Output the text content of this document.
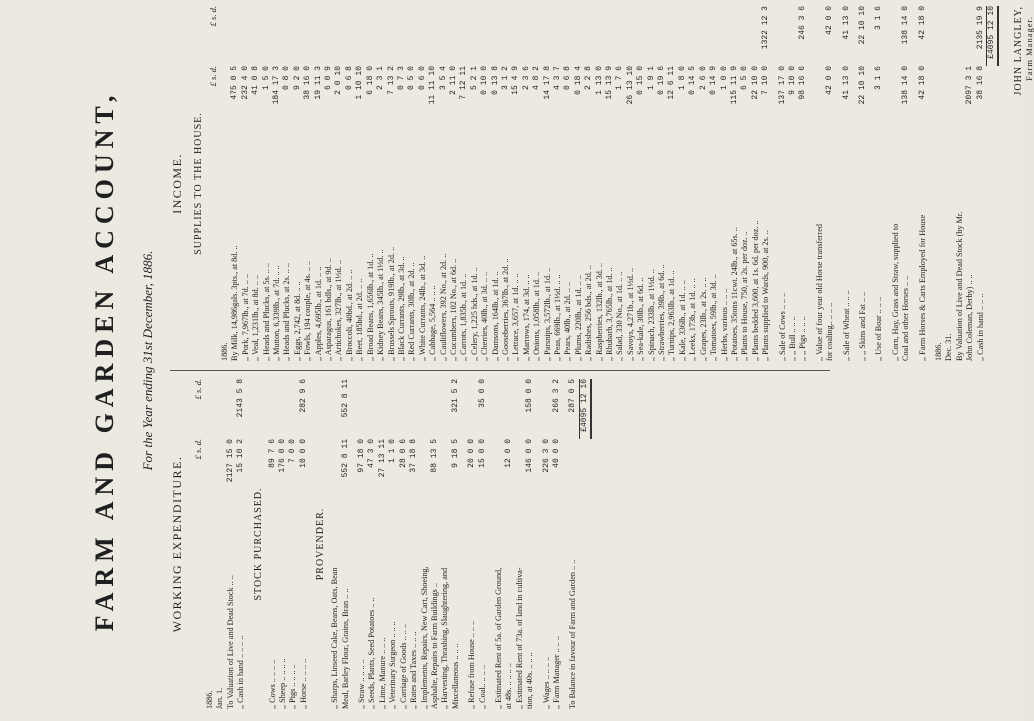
FARM AND GARDEN ACCOUNT, For the Year ending 31st December, 1886.
WORKING EXPENDITURE.
£ s. d.
£ s. d.
1886. Jan. 1. To Valuation of Live and Dead Stock .. ..
2127 15 0
,, Cash in hand .. .. .. ..
15 10 2
2143 5 8
STOCK PURCHASED.
,, Cows .. .. .. ..
89 7 6
,, Sheep .. .. .. ..
176 0 0
,, Pigs .. .. .. ..
7 0 0
,, Horse .. .. .. ..
10 0 0
282 9 6
PROVENDER.
,, Sharps, Linseed Cake, Beans, Oats, Bean Meal, Barley Flour, Grains, Bran .. ..
552 8 11
552 8 11
,, Straw .. .. .. ..
97 18 0
,, Seeds, Plants, Seed Potatoes .. ..
47 3 0
,, Lime, Manure .. .. ..
27 13 11
,, Veterinary Surgeon .. .. ..
1 1 0
,, Carriage of Goods .. .. ..
28 0 6
,, Rates and Taxes .. .. ..
37 18 8
,, Implements, Repairs, New Cart, Shoeing, Asphalte, Repairs to Farm Buildings ..
88 13 5
,, Harvesting, Thrashing, Slaughtering, and Miscellaneous .. .. ..
9 18 5
321 5 2
,, Refuse from House .. .. ..
20 0 0
,, Coal.. .. .. ..
15 0 0
35 0 0
,, Estimated Rent of 5a. of Garden Ground, at 48s. .. .. .. ..
12 0 0
,, Estimated Rent of 73a. of land in cultiva- tion, at 40s. .. .. ..
146 0 0
158 0 0
,, Wages .. .. .. ..
226 3 0
,, Farm Manager .. .. ..
40 0 0
266 3 2
To Balance in favour of Farm and Garden .. ..
287 0 5 £4095 12 10
INCOME. SUPPLIES TO THE HOUSE.
£ s. d.
£ s. d.
1886. By Milk, 14,986gals. 3pts., at 8d. ..
475 0 5
,, Pork, 7,967lb., at 7d. .. ..
232 4 0
,, Veal, 1,231lb., at 8d. .. ..
41 0 8
,, Heads and Plucks, at 5s. .. ..
1 5 0
,, Mutton, 6,339lb., at 7d. .. ..
184 17 3
,, Heads and Plucks, at 2s. .. ..
0 8 0
,, Eggs, 2,742, at 8d. .. ..
9 2 0
,, Fowls, 194 couple, at 4s. .. ..
38 16 0
,, Apples, 4,695lb., at 1d. .. ..
19 11 3
,, Asparagus, 161 bdls., at 9d. ..
6 0 9
,, Artichokes, 327lb., at 1½d. ..
2 0 10
,, Broccoli, 40bd., at 2d. .. ..
0 6 8
,, Beet, 185bd., at 2d. .. ..
1 10 10
,, Broad Beans, 1,656lb., at 1d. ..
6 18 0
,, Kidney Beans, 345lb., at 1½d. ..
2 3 1
,, Brussels Sprouts, 919lb., at 2d. ..
7 13 2
,, Black Currants, 29lb., at 3d. ..
0 7 3
,, Red Currants, 30lb., at 2d. ..
0 5 0
,, White Currants, 24lb., at 3d. ..
0 6 0
,, Cabbage, 5,564 .. .. ..
11 11 10
,, Cauliflowers, 392 No., at 2d. ..
3 5 4
,, Cucumbers, 102 No., at 6d. ..
2 11 0
,, Carrots, 1,835b., at 1d. ..
7 12 11
,, Celery, 1,225 hds., at 1d. ..
5 2 1
,, Cherries, 40lb., at 3d. .. ..
0 10 0
,, Damsons, 164lb., at 1d. ..
0 13 8
,, Gooseberries, 367lb., at 2d. ..
3 1 2
,, Lettuce, 3,657, at 1d. .. ..
15 4 9
,, Marrows, 174, at 3d. .. ..
2 3 6
,, Onions, 1,058lb., at 1d. ..
4 8 2
,, Parsnips, 3,572lb., at 1d. ..
14 17 8
,, Peas, 669lb., at 1½d. .. ..
4 3 7
,, Pears, 40lb., at 2d. .. ..
0 6 8
,, Plums, 220lb., at 1d. .. ..
0 18 4
,, Radishes, 256 bds., at 2d. ..
2 2 8
,, Raspberries, 132lb., at 3d. ..
1 13 0
,, Rhubarb, 3,765lb., at 1d. ..
15 13 9
,, Salad, 330 No., at 1d. .. ..
1 7 6
,, Savoys, 4,271b., at 1½d. ..
26 13 10
,, Sea-kale, 30lb., at 6d. ..
0 15 0
,, Spinach, 233lb., at 1½d. ..
1 9 1
,, Strawberries, 39lb., at 6d. ..
0 19 6
,, Turnips, 2,963lb., at 1d. ..
12 6 11
,, Kale, 336lb., at 1d. .. ..
1 8 0
,, Leeks, 173b., at 1d. .. ..
0 14 5
,, Grapes, 23lb., at 2s. .. ..
2 6 0
,, Tomatoes, 59lb., at 3d. ..
0 14 9
,, Herbs, various .. .. ..
1 0 0
,, Potatoes, 35tons 11cwt. 24lb., at 65s. ..
115 11 9
,, Plants to House, 750, at 2s. per doz. ..
6 5 0
,, Plants bedded 3,600, at 1s. 6d. per doz. ..
22 10 0
,, Plants supplied to Wards, 900, at 2s. ..
7 10 0
1322 12 3
,, Sale of Cows .. .. ..
137 17 0
,, ,, Bull .. .. ..
9 10 0
,, ,, Pigs .. .. ..
98 16 6
246 3 6
,, Value of four year old Horse transferred for coaling.. .. .. ..
42 0 0
42 0 0
,, Sale of Wheat .. .. ..
41 13 0
41 13 0
,, ,, Skins and Fat .. ..
22 10 10
22 10 10
,, Use of Boar .. .. ..
3 1 6
3 1 6
,, Corn, Hay, Grass and Straw, supplied to Coal and other Horses .. ..
138 14 0
138 14 0
,, Farm Horses & Carts Employed for House
42 18 0
42 18 0
1886. Dec. 31. By Valuation of Live and Dead Stock (by Mr. John Coleman, Derby) .. ..
2097 3 1
,, Cash in hand .. .. ..
38 16 8
2135 19 9 £4095 12 10	JOHN LANGLEY, Farm Manager.
